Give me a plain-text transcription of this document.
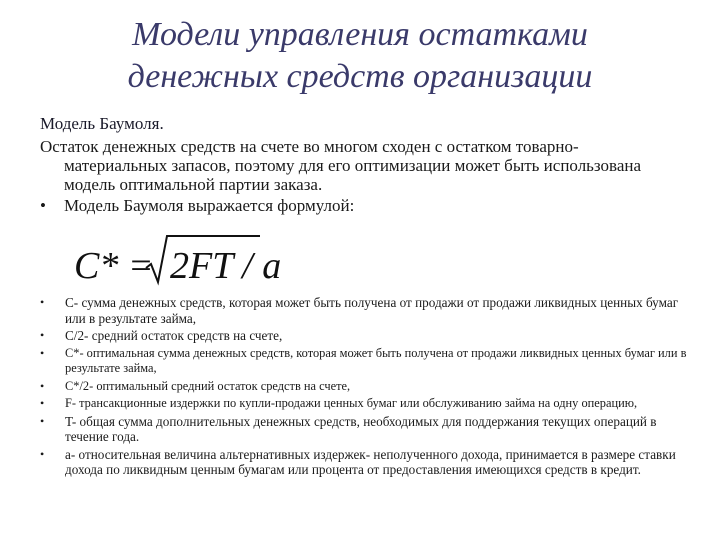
Модели управления остатками
денежных средств организации
Модель Баумоля.
Остаток денежных средств на счете во многом сходен с остатком товарно-материальных запасов, поэтому для его оптимизации может быть использована модель оптимальной партии заказа.
•	Модель Баумоля выражается формулой:
C* = 2FT / a
•	C- сумма денежных средств, которая может быть получена от продажи от продажи ликвидных ценных бумаг или в результате займа,
•	C/2- средний остаток средств на счете,
•	C*- оптимальная сумма денежных средств, которая может быть получена от продажи ликвидных ценных бумаг или в результате займа,
•	C*/2- оптимальный средний остаток средств на счете,
•	F- трансакционные издержки по купли-продажи ценных бумаг или обслуживанию займа на одну операцию,
•	T- общая сумма дополнительных денежных средств, необходимых для поддержания текущих операций в течение года.
•	a- относительная величина альтернативных издержек- неполученного дохода, принимается в размере ставки дохода по ликвидным ценным бумагам или процента от предоставления имеющихся средств в кредит.
